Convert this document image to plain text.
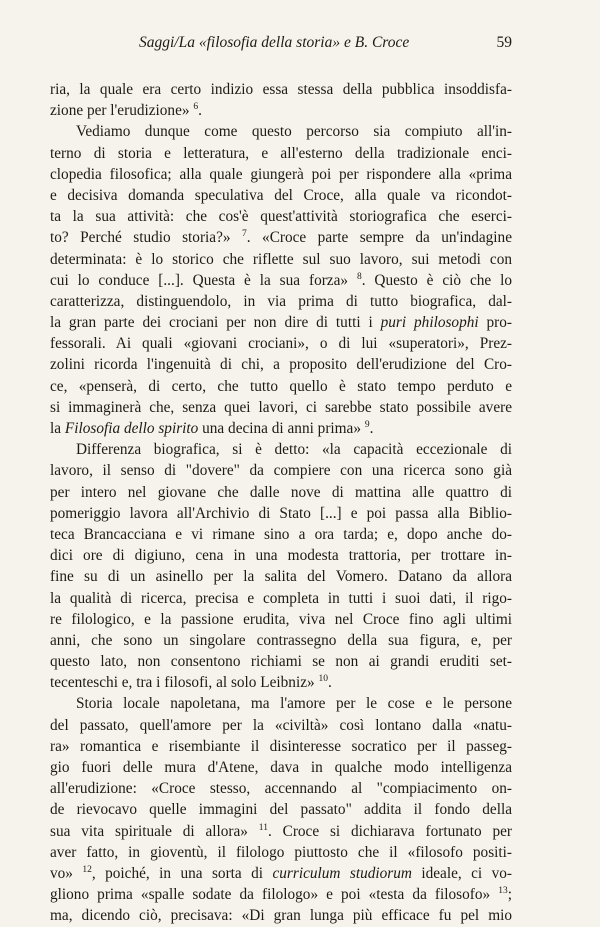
Saggi/La «filosofia della storia» e B. Croce	59
ria, la quale era certo indizio essa stessa della pubblica insoddisfa-
zione per l'erudizione» $^6$.
Vediamo dunque come questo percorso sia compiuto all'in-
terno di storia e letteratura, e all'esterno della tradizionale enci-
clopedia filosofica; alla quale giungerà poi per rispondere alla «prima
e decisiva domanda speculativa del Croce, alla quale va ricondot-
ta la sua attività: che cos'è quest'attività storiografica che eserci-
to? Perché studio storia?» $^7$. «Croce parte sempre da un'indagine
determinata: è lo storico che riflette sul suo lavoro, sui metodi con
cui lo conduce [...]. Questa è la sua forza» $^8$. Questo è ciò che lo
caratterizza, distinguendolo, in via prima di tutto biografica, dal-
la gran parte dei crociani per non dire di tutti i puri philosophi pro-
fessorali. Ai quali «giovani crociani», o di lui «superatori», Prez-
zolini ricorda l'ingenuità di chi, a proposito dell'erudizione del Cro-
ce, «penserà, di certo, che tutto quello è stato tempo perduto e
si immaginerà che, senza quei lavori, ci sarebbe stato possibile avere
la Filosofia dello spirito una decina di anni prima» $^9$.
Differenza biografica, si è detto: «la capacità eccezionale di
lavoro, il senso di "dovere" da compiere con una ricerca sono già
per intero nel giovane che dalle nove di mattina alle quattro di
pomeriggio lavora all'Archivio di Stato [...] e poi passa alla Biblio-
teca Brancacciana e vi rimane sino a ora tarda; e, dopo anche do-
dici ore di digiuno, cena in una modesta trattoria, per trottare in-
fine su di un asinello per la salita del Vomero. Datano da allora
la qualità di ricerca, precisa e completa in tutti i suoi dati, il rigo-
re filologico, e la passione erudita, viva nel Croce fino agli ultimi
anni, che sono un singolare contrassegno della sua figura, e, per
questo lato, non consentono richiami se non ai grandi eruditi set-
tecenteschi e, tra i filosofi, al solo Leibniz» $^{10}$.
Storia locale napoletana, ma l'amore per le cose e le persone
del passato, quell'amore per la «civiltà» così lontano dalla «natu-
ra» romantica e risembiante il disinteresse socratico per il passeg-
gio fuori delle mura d'Atene, dava in qualche modo intelligenza
all'erudizione: «Croce stesso, accennando al "compiacimento on-
de rievocavo quelle immagini del passato" addita il fondo della
sua vita spirituale di allora» $^{11}$. Croce si dichiarava fortunato per
aver fatto, in gioventù, il filologo piuttosto che il «filosofo positi-
vo» $^{12}$, poiché, in una sorta di curriculum studiorum ideale, ci vo-
gliono prima «spalle sodate da filologo» e poi «testa da filosofo» $^{13}$;
ma, dicendo ciò, precisava: «Di gran lunga più efficace fu pel mio
